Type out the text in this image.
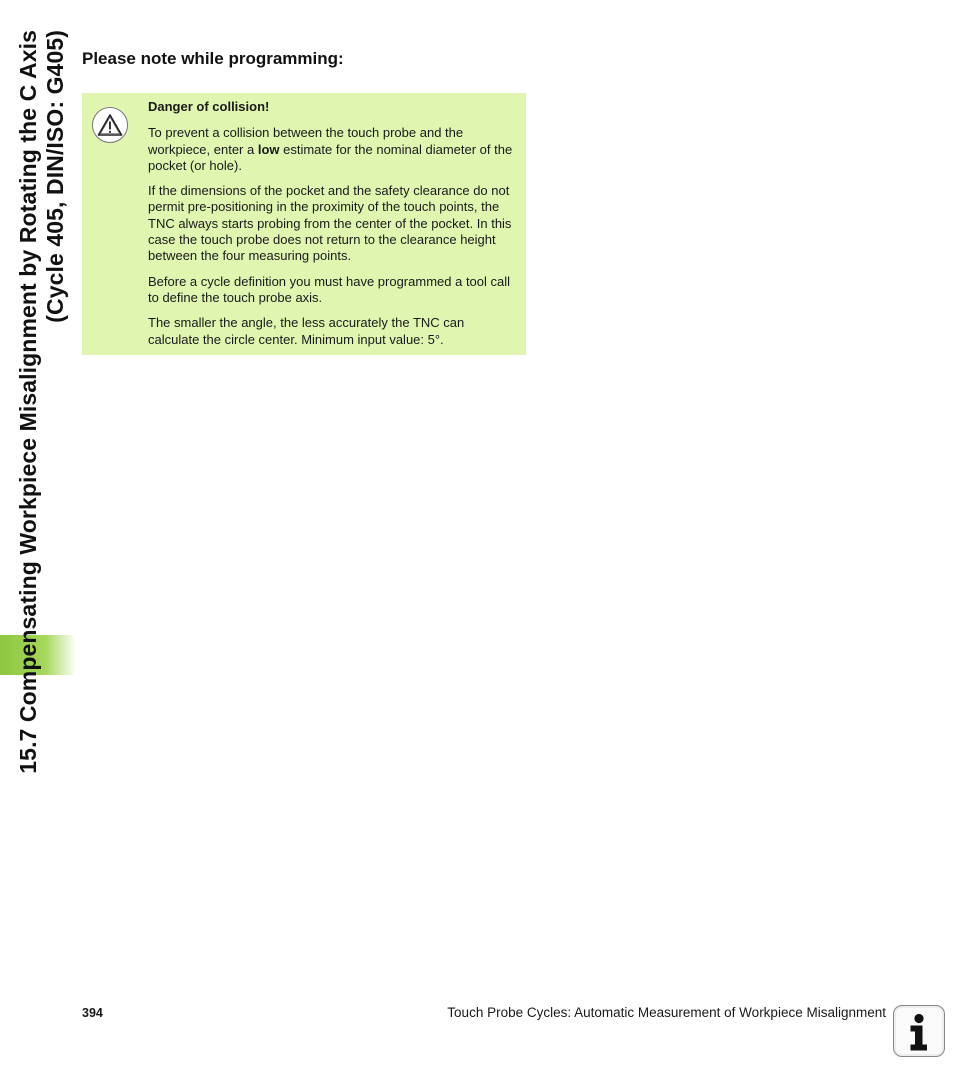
15.7 Compensating Workpiece Misalignment by Rotating the C Axis (Cycle 405, DIN/ISO: G405) Please note while programming:

Danger of collision!

To prevent a collision between the touch probe and the workpiece, enter a low estimate for the nominal diameter of the pocket (or hole).

If the dimensions of the pocket and the safety clearance do not permit pre-positioning in the proximity of the touch points, the TNC always starts probing from the center of the pocket. In this case the touch probe does not return to the clearance height between the four measuring points.

Before a cycle definition you must have programmed a tool call to define the touch probe axis.

The smaller the angle, the less accurately the TNC can calculate the circle center. Minimum input value: 5°.

394	Touch Probe Cycles: Automatic Measurement of Workpiece Misalignment
